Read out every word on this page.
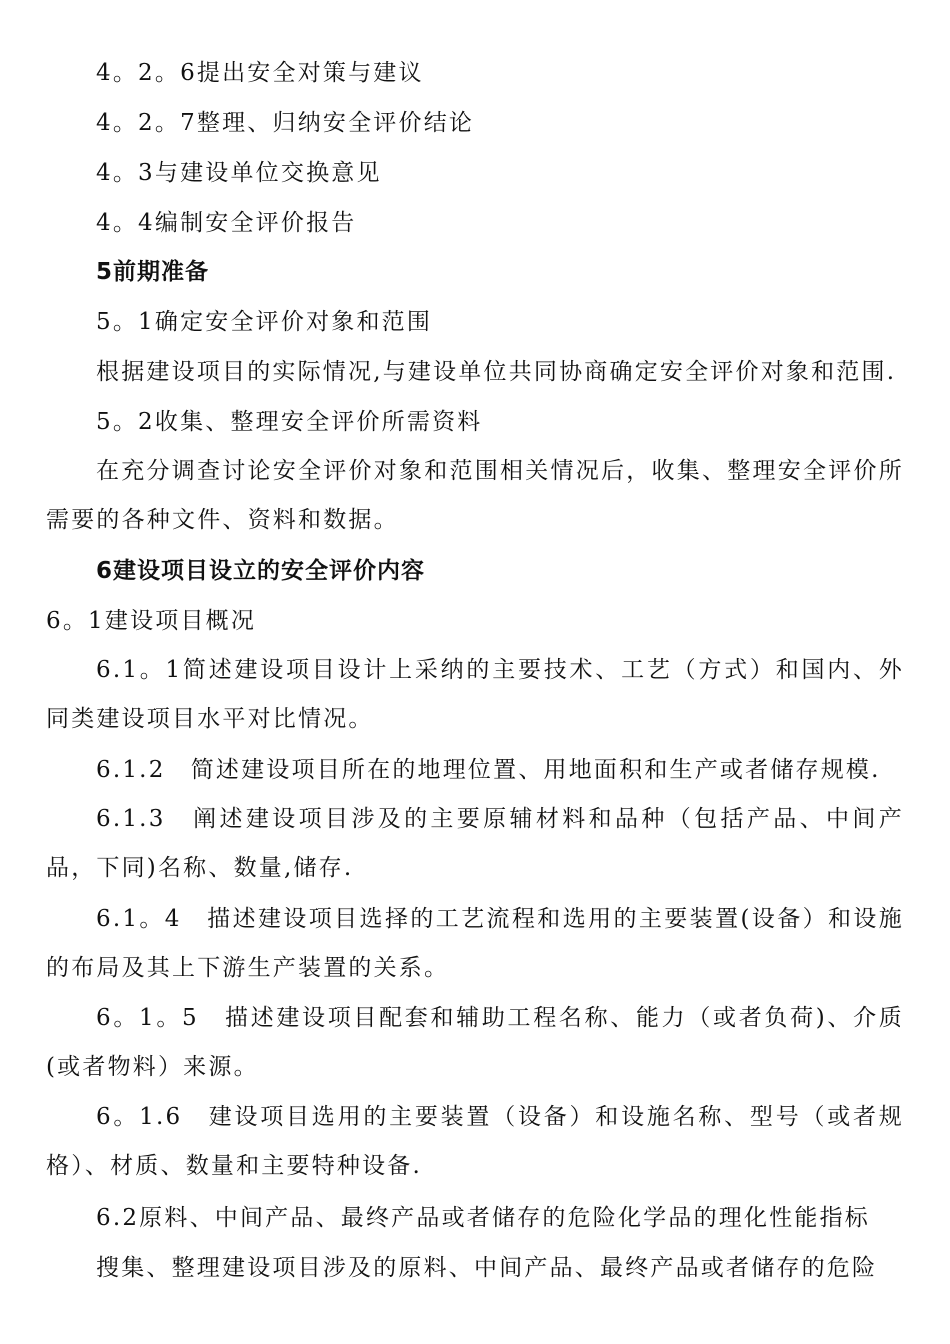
4。2。6提出安全对策与建议
4。2。7整理、归纳安全评价结论
4。3与建设单位交换意见
4。4编制安全评价报告
5前期准备
5。1确定安全评价对象和范围
根据建设项目的实际情况,与建设单位共同协商确定安全评价对象和范围.
5。2收集、整理安全评价所需资料
在充分调查讨论安全评价对象和范围相关情况后，收集、整理安全评价所需要的各种文件、资料和数据。
6建设项目设立的安全评价内容
6。1建设项目概况
6.1。1简述建设项目设计上采纳的主要技术、工艺（方式）和国内、外同类建设项目水平对比情况。
6.1.2　简述建设项目所在的地理位置、用地面积和生产或者储存规模.
6.1.3　阐述建设项目涉及的主要原辅材料和品种（包括产品、中间产品，下同)名称、数量,储存.
6.1。4　描述建设项目选择的工艺流程和选用的主要装置(设备）和设施的布局及其上下游生产装置的关系。
6。1。5　描述建设项目配套和辅助工程名称、能力（或者负荷)、介质(或者物料）来源。
6。1.6　建设项目选用的主要装置（设备）和设施名称、型号（或者规格）、材质、数量和主要特种设备.
6.2原料、中间产品、最终产品或者储存的危险化学品的理化性能指标
搜集、整理建设项目涉及的原料、中间产品、最终产品或者储存的危险
